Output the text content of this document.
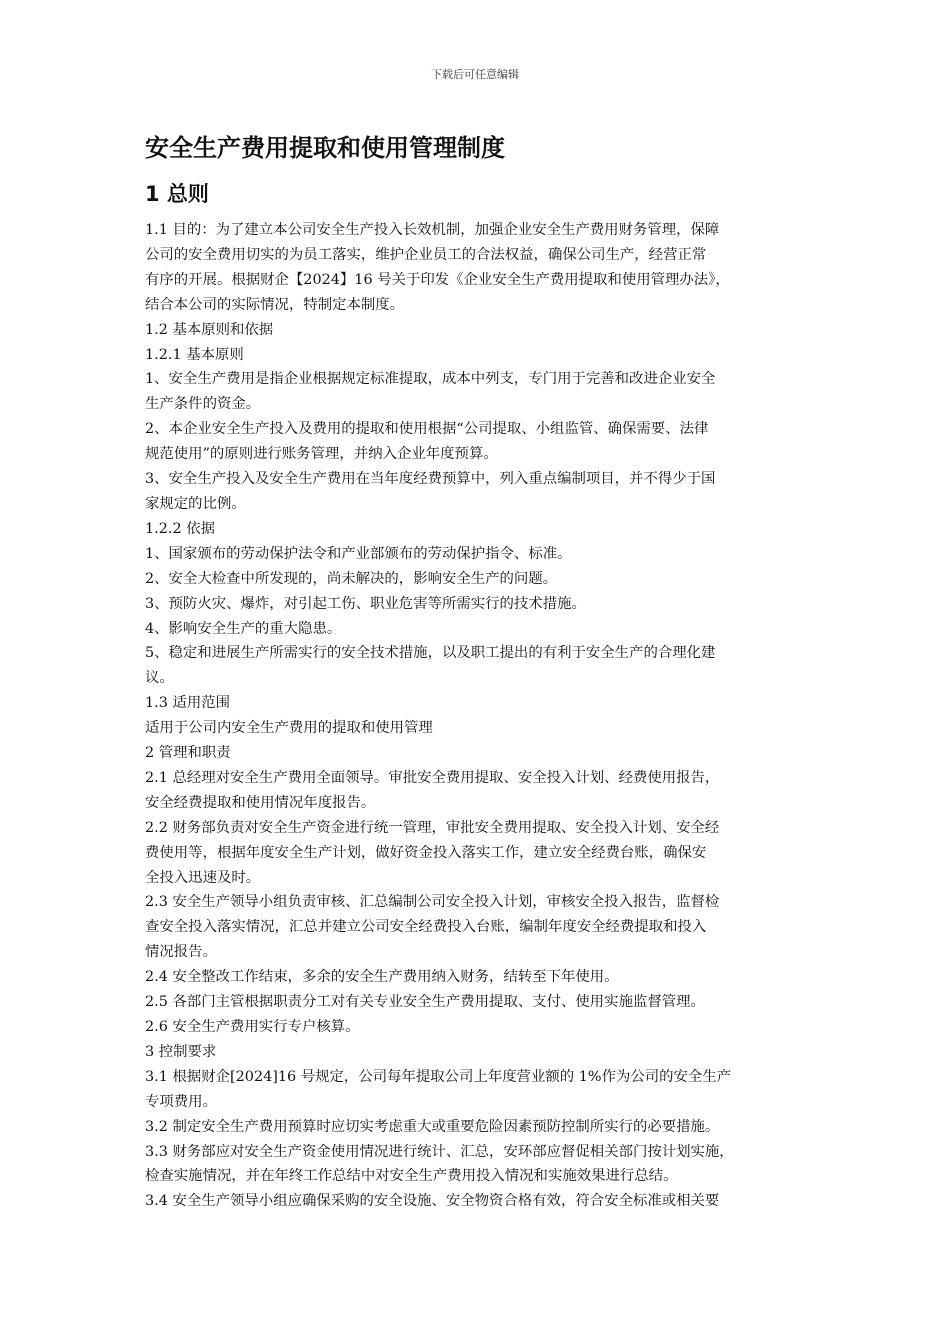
下载后可任意编辑
安全生产费用提取和使用管理制度
1 总则

1.1 目的：为了建立本公司安全生产投入长效机制，加强企业安全生产费用财务管理，保障
公司的安全费用切实的为员工落实，维护企业员工的合法权益，确保公司生产，经营正常
有序的开展。根据财企【2024】16 号关于印发《企业安全生产费用提取和使用管理办法》，
结合本公司的实际情况，特制定本制度。

1.2 基本原则和依据

1.2.1 基本原则

1、安全生产费用是指企业根据规定标准提取，成本中列支，专门用于完善和改进企业安全
生产条件的资金。

2、本企业安全生产投入及费用的提取和使用根据“公司提取、小组监管、确保需要、法律
规范使用”的原则进行账务管理，并纳入企业年度预算。

3、安全生产投入及安全生产费用在当年度经费预算中，列入重点编制项目，并不得少于国
家规定的比例。

1.2.2 依据

1、国家颁布的劳动保护法令和产业部颁布的劳动保护指令、标准。

2、安全大检查中所发现的，尚未解决的，影响安全生产的问题。

3、预防火灾、爆炸，对引起工伤、职业危害等所需实行的技术措施。

4、影响安全生产的重大隐患。

5、稳定和进展生产所需实行的安全技术措施，以及职工提出的有利于安全生产的合理化建
议。

1.3 适用范围

适用于公司内安全生产费用的提取和使用管理

2 管理和职责

2.1 总经理对安全生产费用全面领导。审批安全费用提取、安全投入计划、经费使用报告，
安全经费提取和使用情况年度报告。

2.2 财务部负责对安全生产资金进行统一管理，审批安全费用提取、安全投入计划、安全经
费使用等，根据年度安全生产计划，做好资金投入落实工作，建立安全经费台账，确保安
全投入迅速及时。

2.3 安全生产领导小组负责审核、汇总编制公司安全投入计划，审核安全投入报告，监督检
查安全投入落实情况，汇总并建立公司安全经费投入台账，编制年度安全经费提取和投入
情况报告。

2.4 安全整改工作结束，多余的安全生产费用纳入财务，结转至下年使用。

2.5 各部门主管根据职责分工对有关专业安全生产费用提取、支付、使用实施监督管理。

2.6 安全生产费用实行专户核算。

3 控制要求

3.1 根据财企[2024]16 号规定，公司每年提取公司上年度营业额的 1%作为公司的安全生产
专项费用。

3.2 制定安全生产费用预算时应切实考虑重大或重要危险因素预防控制所实行的必要措施。

3.3 财务部应对安全生产资金使用情况进行统计、汇总，安环部应督促相关部门按计划实施，
检查实施情况，并在年终工作总结中对安全生产费用投入情况和实施效果进行总结。

3.4 安全生产领导小组应确保采购的安全设施、安全物资合格有效，符合安全标准或相关要
